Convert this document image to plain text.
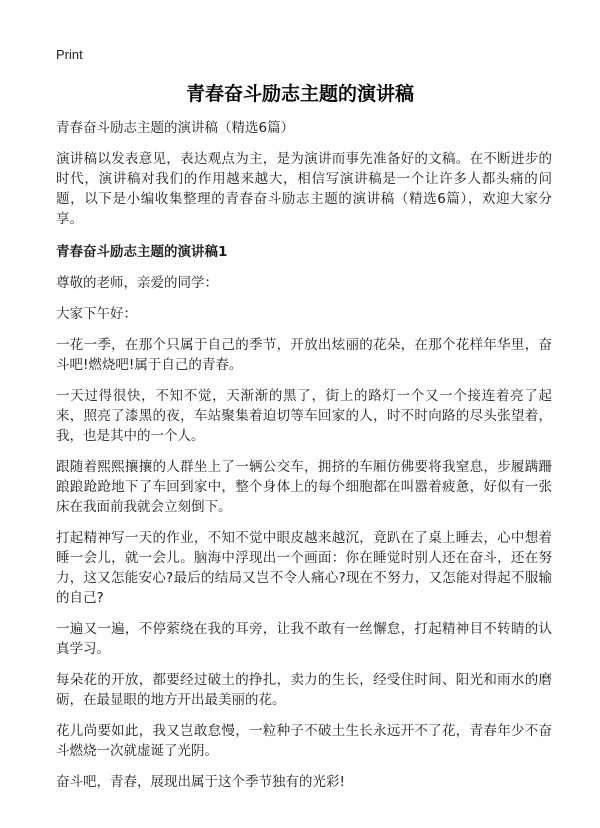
Print
青春奋斗励志主题的演讲稿

青春奋斗励志主题的演讲稿（精选6篇）

演讲稿以发表意见，表达观点为主，是为演讲而事先准备好的文稿。在不断进步的时代，演讲稿对我们的作用越来越大，相信写演讲稿是一个让许多人都头痛的问题，以下是小编收集整理的青春奋斗励志主题的演讲稿（精选6篇），欢迎大家分享。

青春奋斗励志主题的演讲稿1

尊敬的老师，亲爱的同学：

大家下午好：

一花一季，在那个只属于自己的季节，开放出炫丽的花朵，在那个花样年华里，奋斗吧!燃烧吧!属于自己的青春。

一天过得很快，不知不觉，天渐渐的黑了，街上的路灯一个又一个接连着亮了起来，照亮了漆黑的夜，车站聚集着迫切等车回家的人，时不时向路的尽头张望着，我，也是其中的一个人。

跟随着熙熙攘攘的人群坐上了一辆公交车，拥挤的车厢仿佛要将我窒息，步履蹒跚踉踉跄跄地下了车回到家中，整个身体上的每个细胞都在叫嚣着疲惫，好似有一张床在我面前我就会立刻倒下。

打起精神写一天的作业，不知不觉中眼皮越来越沉，竟趴在了桌上睡去，心中想着睡一会儿，就一会儿。脑海中浮现出一个画面：你在睡觉时别人还在奋斗，还在努力，这又怎能安心?最后的结局又岂不令人痛心?现在不努力，又怎能对得起不服输的自己?

一遍又一遍，不停萦绕在我的耳旁，让我不敢有一丝懈怠，打起精神目不转睛的认真学习。

每朵花的开放，都要经过破土的挣扎，卖力的生长，经受住时间、阳光和雨水的磨砺，在最显眼的地方开出最美丽的花。

花儿尚要如此，我又岂敢怠慢，一粒种子不破土生长永远开不了花，青春年少不奋斗燃烧一次就虚诞了光阴。

奋斗吧，青春，展现出属于这个季节独有的光彩!
